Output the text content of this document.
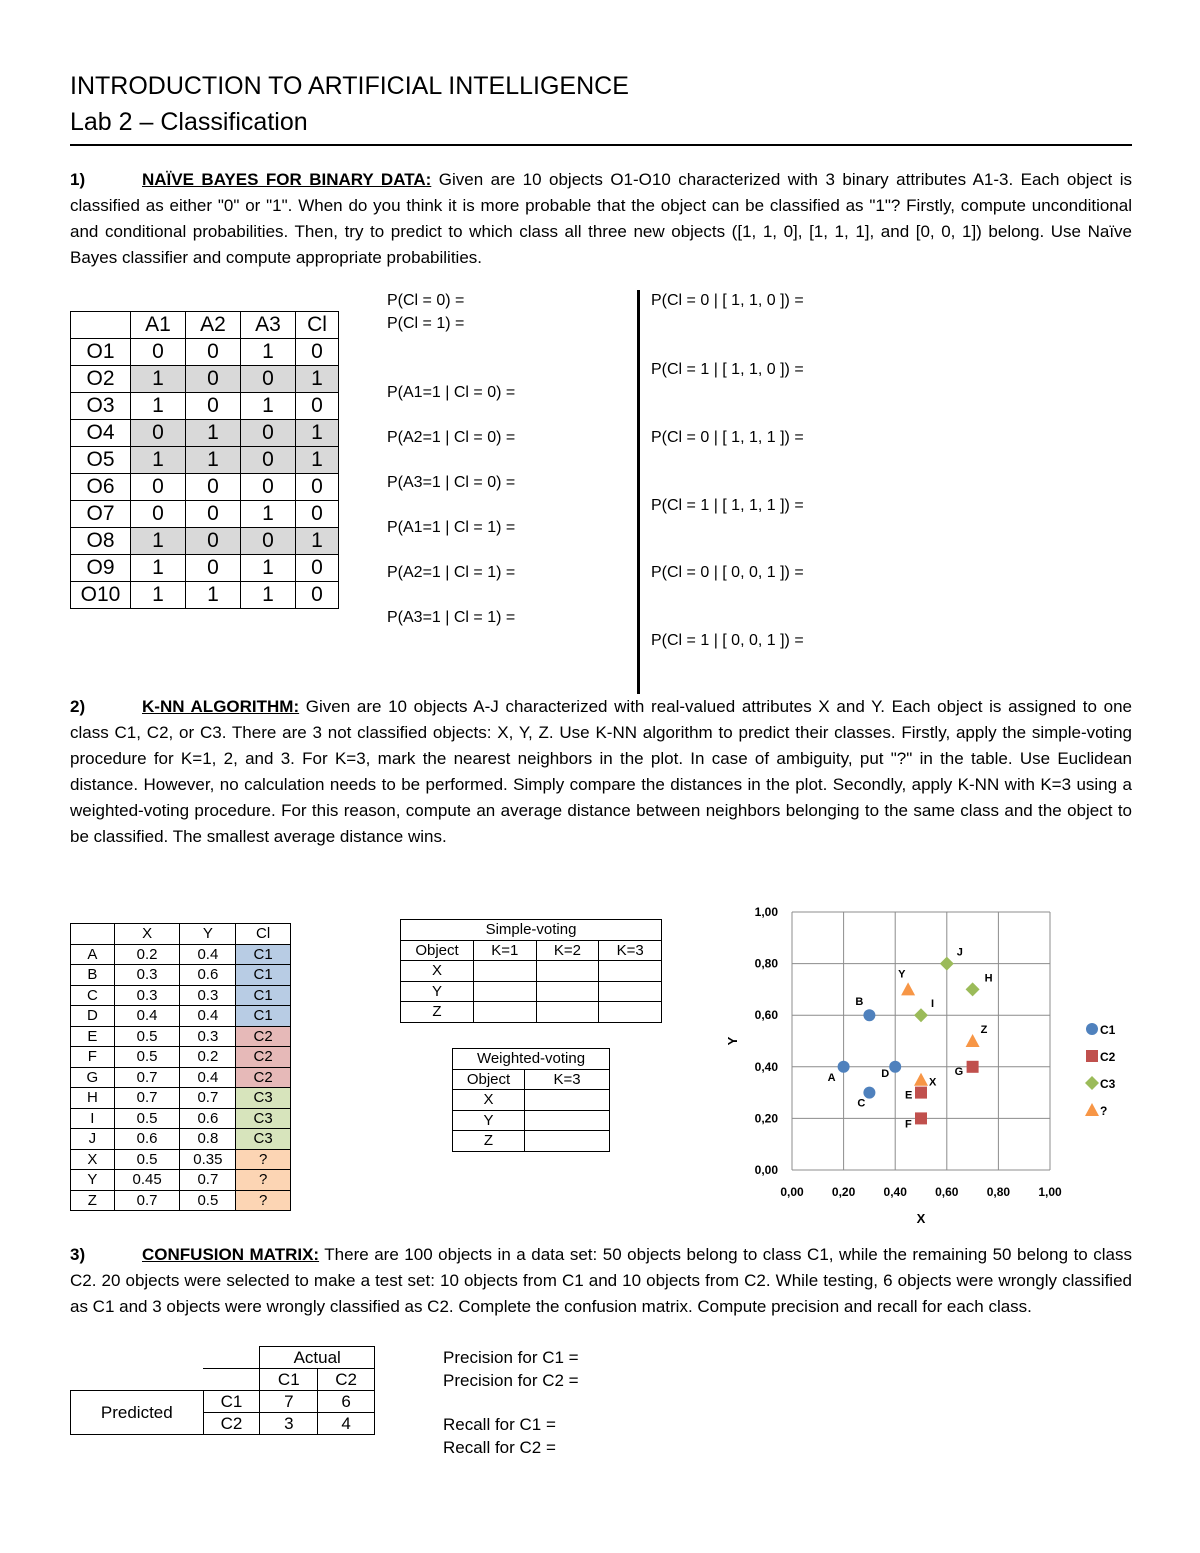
INTRODUCTION TO ARTIFICIAL INTELLIGENCE
Lab 2 – Classification
1)	NAÏVE BAYES FOR BINARY DATA: Given are 10 objects O1-O10 characterized with 3 binary attributes A1-3. Each object is classified as either "0" or "1". When do you think it is more probable that the object can be classified as "1"? Firstly, compute unconditional and conditional probabilities. Then, try to predict to which class all three new objects ([1, 1, 0], [1, 1, 1], and [0, 0, 1]) belong. Use Naïve Bayes classifier and compute appropriate probabilities.
	A1	A2	A3	Cl
O1	0	0	1	0
O2	1	0	0	1
O3	1	0	1	0
O4	0	1	0	1
O5	1	1	0	1
O6	0	0	0	0
O7	0	0	1	0
O8	1	0	0	1
O9	1	0	1	0
O10	1	1	1	0
P(Cl = 0) =
P(Cl = 1) =
P(A1=1 | Cl = 0) =
P(A2=1 | Cl = 0) =
P(A3=1 | Cl = 0) =
P(A1=1 | Cl = 1) =
P(A2=1 | Cl = 1) =
P(A3=1 | Cl = 1) =
P(Cl = 0 | [ 1, 1, 0 ]) =
P(Cl = 1 | [ 1, 1, 0 ]) =
P(Cl = 0 | [ 1, 1, 1 ]) =
P(Cl = 1 | [ 1, 1, 1 ]) =
P(Cl = 0 | [ 0, 0, 1 ]) =
P(Cl = 1 | [ 0, 0, 1 ]) =
2)	K-NN ALGORITHM: Given are 10 objects A-J characterized with real-valued attributes X and Y. Each object is assigned to one class C1, C2, or C3. There are 3 not classified objects: X, Y, Z. Use K-NN algorithm to predict their classes. Firstly, apply the simple-voting procedure for K=1, 2, and 3. For K=3, mark the nearest neighbors in the plot. In case of ambiguity, put "?" in the table. Use Euclidean distance. However, no calculation needs to be performed. Simply compare the distances in the plot. Secondly, apply K-NN with K=3 using a weighted-voting procedure. For this reason, compute an average distance between neighbors belonging to the same class and the object to be classified. The smallest average distance wins.
	X	Y	Cl
A	0.2	0.4	C1
B	0.3	0.6	C1
C	0.3	0.3	C1
D	0.4	0.4	C1
E	0.5	0.3	C2
F	0.5	0.2	C2
G	0.7	0.4	C2
H	0.7	0.7	C3
I	0.5	0.6	C3
J	0.6	0.8	C3
X	0.5	0.35	?
Y	0.45	0.7	?
Z	0.7	0.5	?
Simple-voting			
Object	K=1	K=2	K=3
X			
Y			
Z			
Weighted-voting	
Object	K=3
X	
Y	
Z	
0,00
0,00
0,20
0,20
0,40
0,40
0,60
0,60
0,80
0,80
1,00
1,00
A
B
C
D
E
F
G
H
I
J
X
Y
Z	C1
C2
C3
?
X
Y
3)	CONFUSION MATRIX: There are 100 objects in a data set: 50 objects belong to class C1, while the remaining 50 belong to class C2. 20 objects were selected to make a test set: 10 objects from C1 and 10 objects from C2. While testing, 6 objects were wrongly classified as C1 and 3 objects were wrongly classified as C2. Complete the confusion matrix. Compute precision and recall for each class.
		Actual	
		C1	C2
Predicted	C1	7	6
	C2	3	4
Precision for C1 =
Precision for C2 =
Recall for C1 =
Recall for C2 =
